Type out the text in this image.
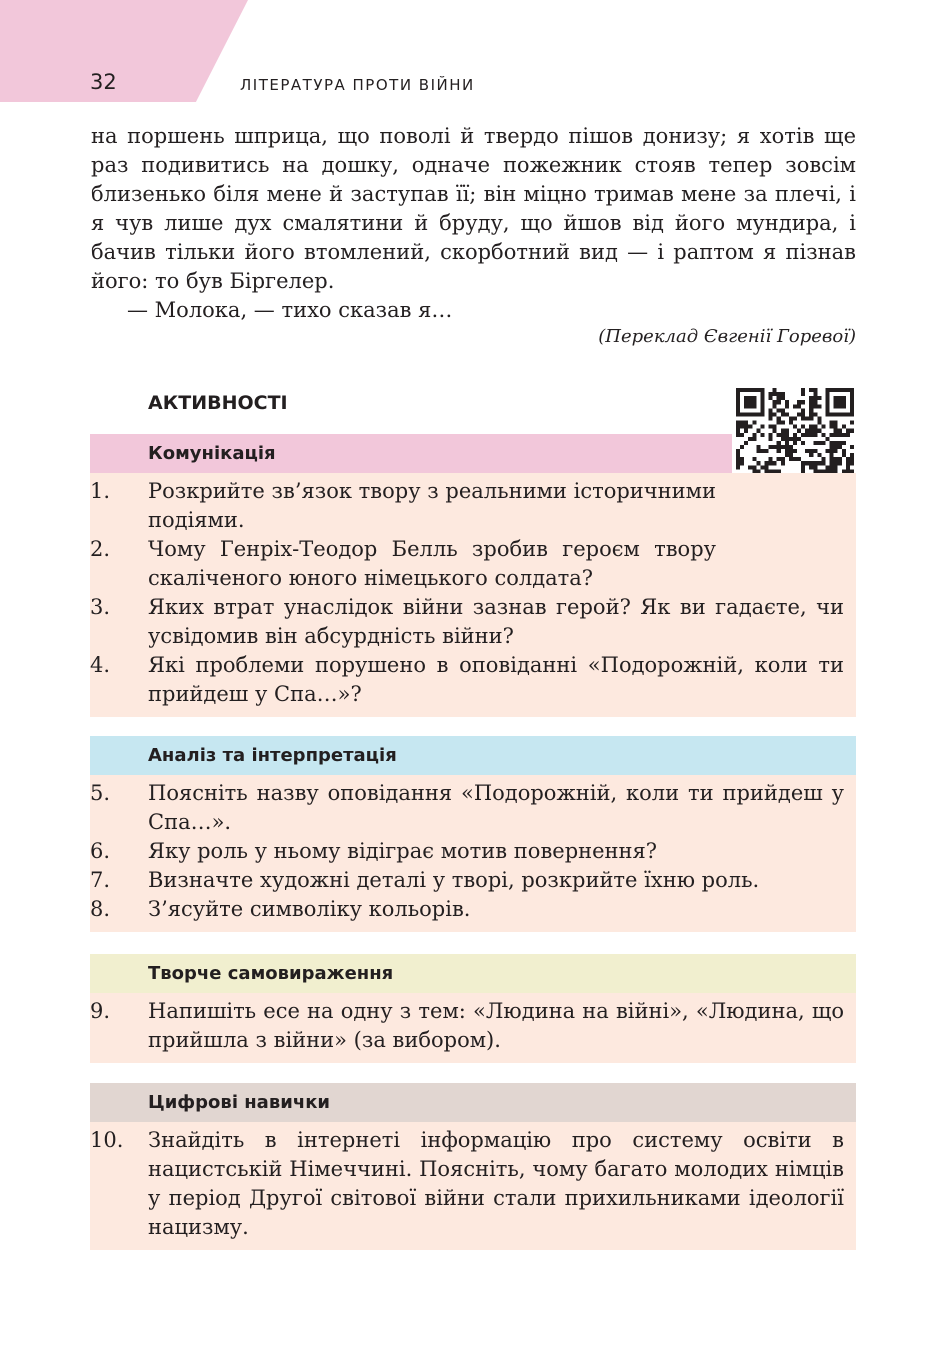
32	ЛІТЕРАТУРА ПРОТИ ВІЙНИ

на поршень шприца, що поволі й твердо пішов донизу; я хотів ще раз подивитись на дошку, одначе пожежник стояв тепер зовсім близенько біля мене й заступав її; він міцно тримав мене за плечі, і я чув лише дух смалятини й бруду, що йшов від його мундира, і бачив тільки його втомлений, скорботний вид — і раптом я пізнав його: то був Біргелер.

— Молока, — тихо сказав я…

(Переклад Євгенії Горевої)
АКТИВНОСТІ
Комунікація
1.	Розкрийте зв’язок твору з реальними історичними подіями.
2.	Чому Генріх-Теодор Белль зробив героєм твору скаліченого юного німецького солдата?
3.	Яких втрат унаслідок війни зазнав герой? Як ви гадаєте, чи усвідомив він абсурдність війни?
4.	Які проблеми порушено в оповіданні «Подорожній, коли ти прийдеш у Спа…»?
Аналіз та інтерпретація
5.	Поясніть назву оповідання «Подорожній, коли ти прийдеш у Спа…».
6.	Яку роль у ньому відіграє мотив повернення?
7.	Визначте художні деталі у творі, розкрийте їхню роль.
8.	З’ясуйте символіку кольорів.
Творче самовираження
9.	Напишіть есе на одну з тем: «Людина на війні», «Людина, що прийшла з війни» (за вибором).
Цифрові навички
10. Знайдіть в інтернеті інформацію про систему освіти в нацистській Німеччині. Поясніть, чому багато молодих німців у період Другої світової війни стали прихильниками ідеології нацизму.
